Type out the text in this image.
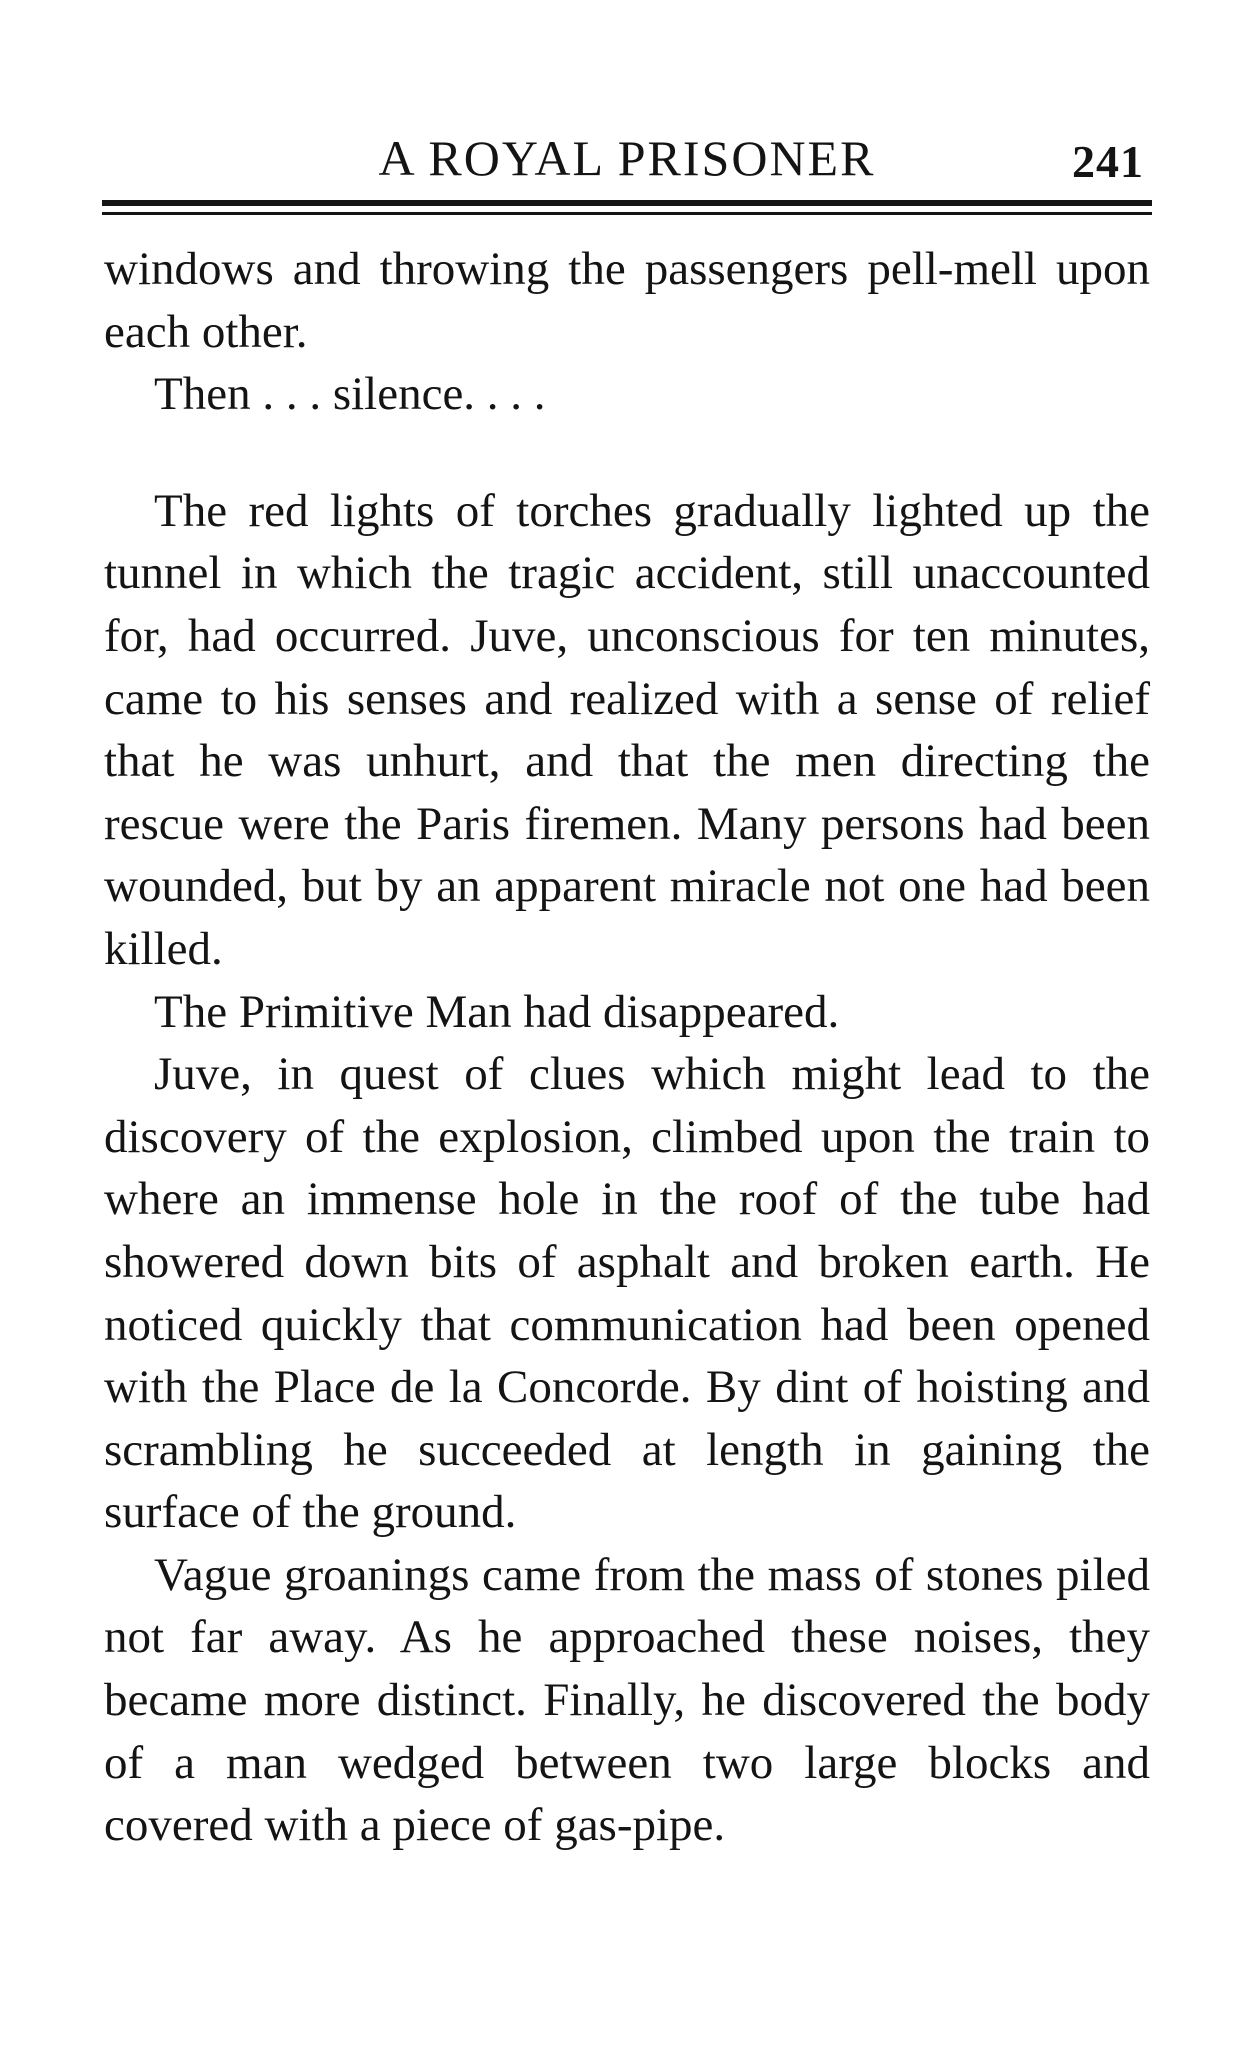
A ROYAL PRISONER	241

windows and throwing the passengers pell-mell upon each other.

Then . . . silence. . . .

The red lights of torches gradually lighted up the tunnel in which the tragic accident, still unaccounted for, had occurred. Juve, unconscious for ten minutes, came to his senses and realized with a sense of relief that he was unhurt, and that the men directing the rescue were the Paris firemen. Many persons had been wounded, but by an apparent miracle not one had been killed.

The Primitive Man had disappeared.

Juve, in quest of clues which might lead to the discovery of the explosion, climbed upon the train to where an immense hole in the roof of the tube had showered down bits of asphalt and broken earth. He noticed quickly that communication had been opened with the Place de la Concorde. By dint of hoisting and scrambling he succeeded at length in gaining the surface of the ground.

Vague groanings came from the mass of stones piled not far away. As he approached these noises, they became more distinct. Finally, he discovered the body of a man wedged between two large blocks and covered with a piece of gas-pipe.
